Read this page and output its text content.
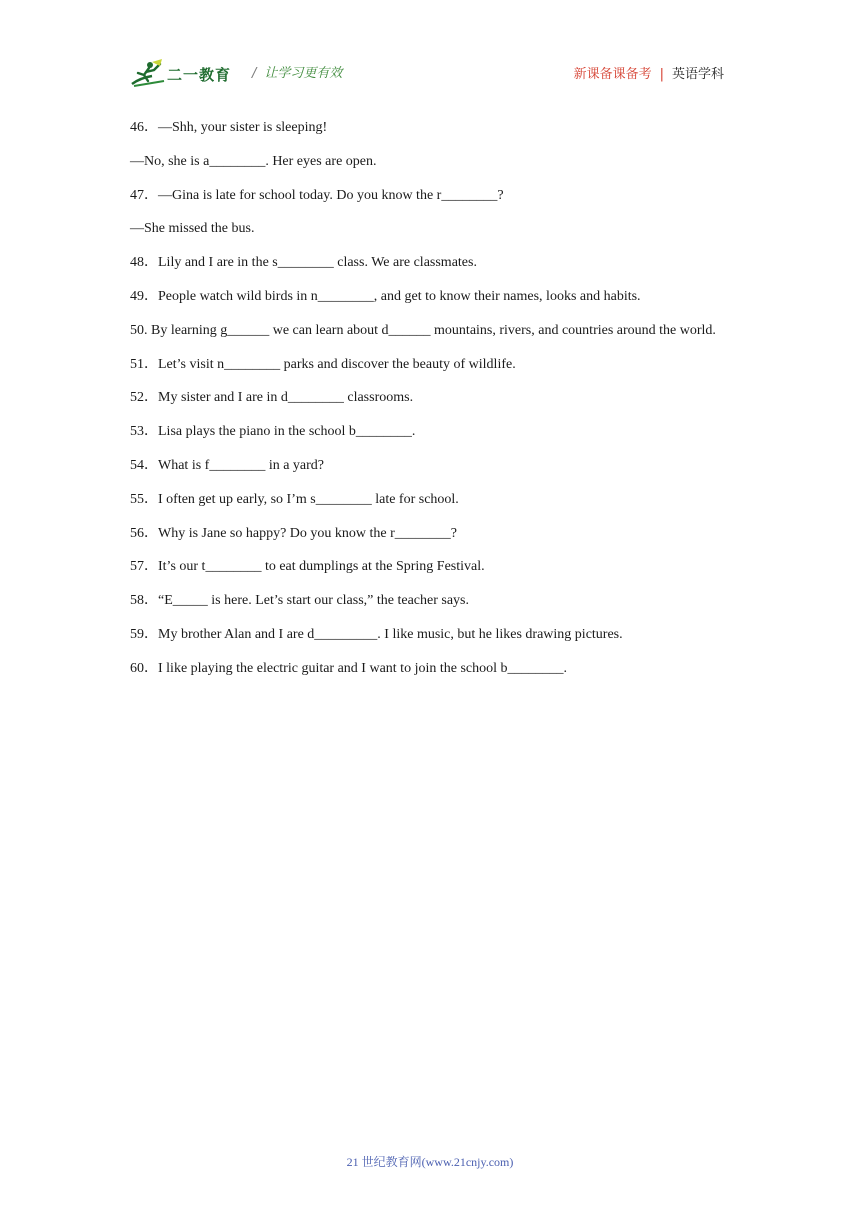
二一教育 / 让学习更有效	新课备课备考 | 英语学科
46．—Shh, your sister is sleeping!
—No, she is a________. Her eyes are open.
47．—Gina is late for school today. Do you know the r________?
—She missed the bus.
48．Lily and I are in the s________ class. We are classmates.
49．People watch wild birds in n________, and get to know their names, looks and habits.
50. By learning g______ we can learn about d______ mountains, rivers, and countries around the world.
51．Let’s visit n________ parks and discover the beauty of wildlife.
52．My sister and I are in d________ classrooms.
53．Lisa plays the piano in the school b________.
54．What is f________ in a yard?
55．I often get up early, so I’m s________ late for school.
56．Why is Jane so happy? Do you know the r________?
57．It’s our t________ to eat dumplings at the Spring Festival.
58．“E_____ is here. Let’s start our class,” the teacher says.
59．My brother Alan and I are d_________. I like music, but he likes drawing pictures.
60．I like playing the electric guitar and I want to join the school b________.
21 世纪教育网(www.21cnjy.com)
